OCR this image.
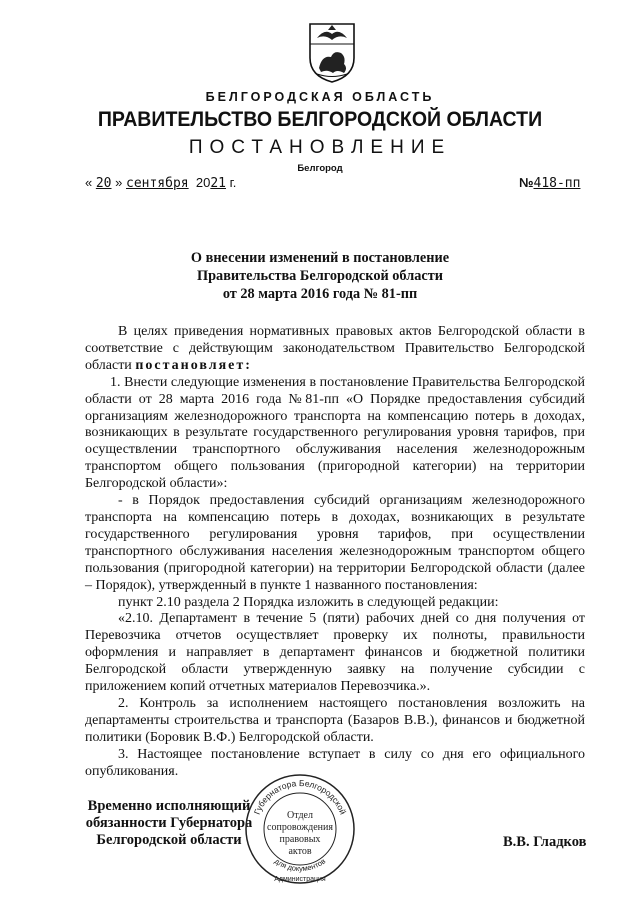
БЕЛГОРОДСКАЯ ОБЛАСТЬ
ПРАВИТЕЛЬСТВО БЕЛГОРОДСКОЙ ОБЛАСТИ
ПОСТАНОВЛЕНИЕ
Белгород
« 20 » сентября 2021 г.	№418-пп
О внесении изменений в постановление
Правительства Белгородской области
от 28 марта 2016 года № 81-пп

В целях приведения нормативных правовых актов Белгородской области в соответствие с действующим законодательством Правительство Белгородской области постановляет:

1. Внести следующие изменения в постановление Правительства Белгородской области от 28 марта 2016 года №81-пп «О Порядке предоставления субсидий организациям железнодорожного транспорта на компенсацию потерь в доходах, возникающих в результате государственного регулирования уровня тарифов, при осуществлении транспортного обслуживания населения железнодорожным транспортом общего пользования (пригородной категории) на территории Белгородской области»:

- в Порядок предоставления субсидий организациям железнодорожного транспорта на компенсацию потерь в доходах, возникающих в результате государственного регулирования уровня тарифов, при осуществлении транспортного обслуживания населения железнодорожным транспортом общего пользования (пригородной категории) на территории Белгородской области (далее – Порядок), утвержденный в пункте 1 названного постановления:

пункт 2.10 раздела 2 Порядка изложить в следующей редакции:

«2.10. Департамент в течение 5 (пяти) рабочих дней со дня получения от Перевозчика отчетов осуществляет проверку их полноты, правильности оформления и направляет в департамент финансов и бюджетной политики Белгородской области утвержденную заявку на получение субсидии с приложением копий отчетных материалов Перевозчика.».

2. Контроль за исполнением настоящего постановления возложить на департаменты строительства и транспорта (Базаров В.В.), финансов и бюджетной политики (Боровик В.Ф.) Белгородской области.

3. Настоящее постановление вступает в силу со дня его официального опубликования.

Временно исполняющий
обязанности Губернатора
Белгородской области	В.В. Гладков
Губернатора Белгородской
для документов
Администрация
Отдел
сопровождения
правовых
актов
